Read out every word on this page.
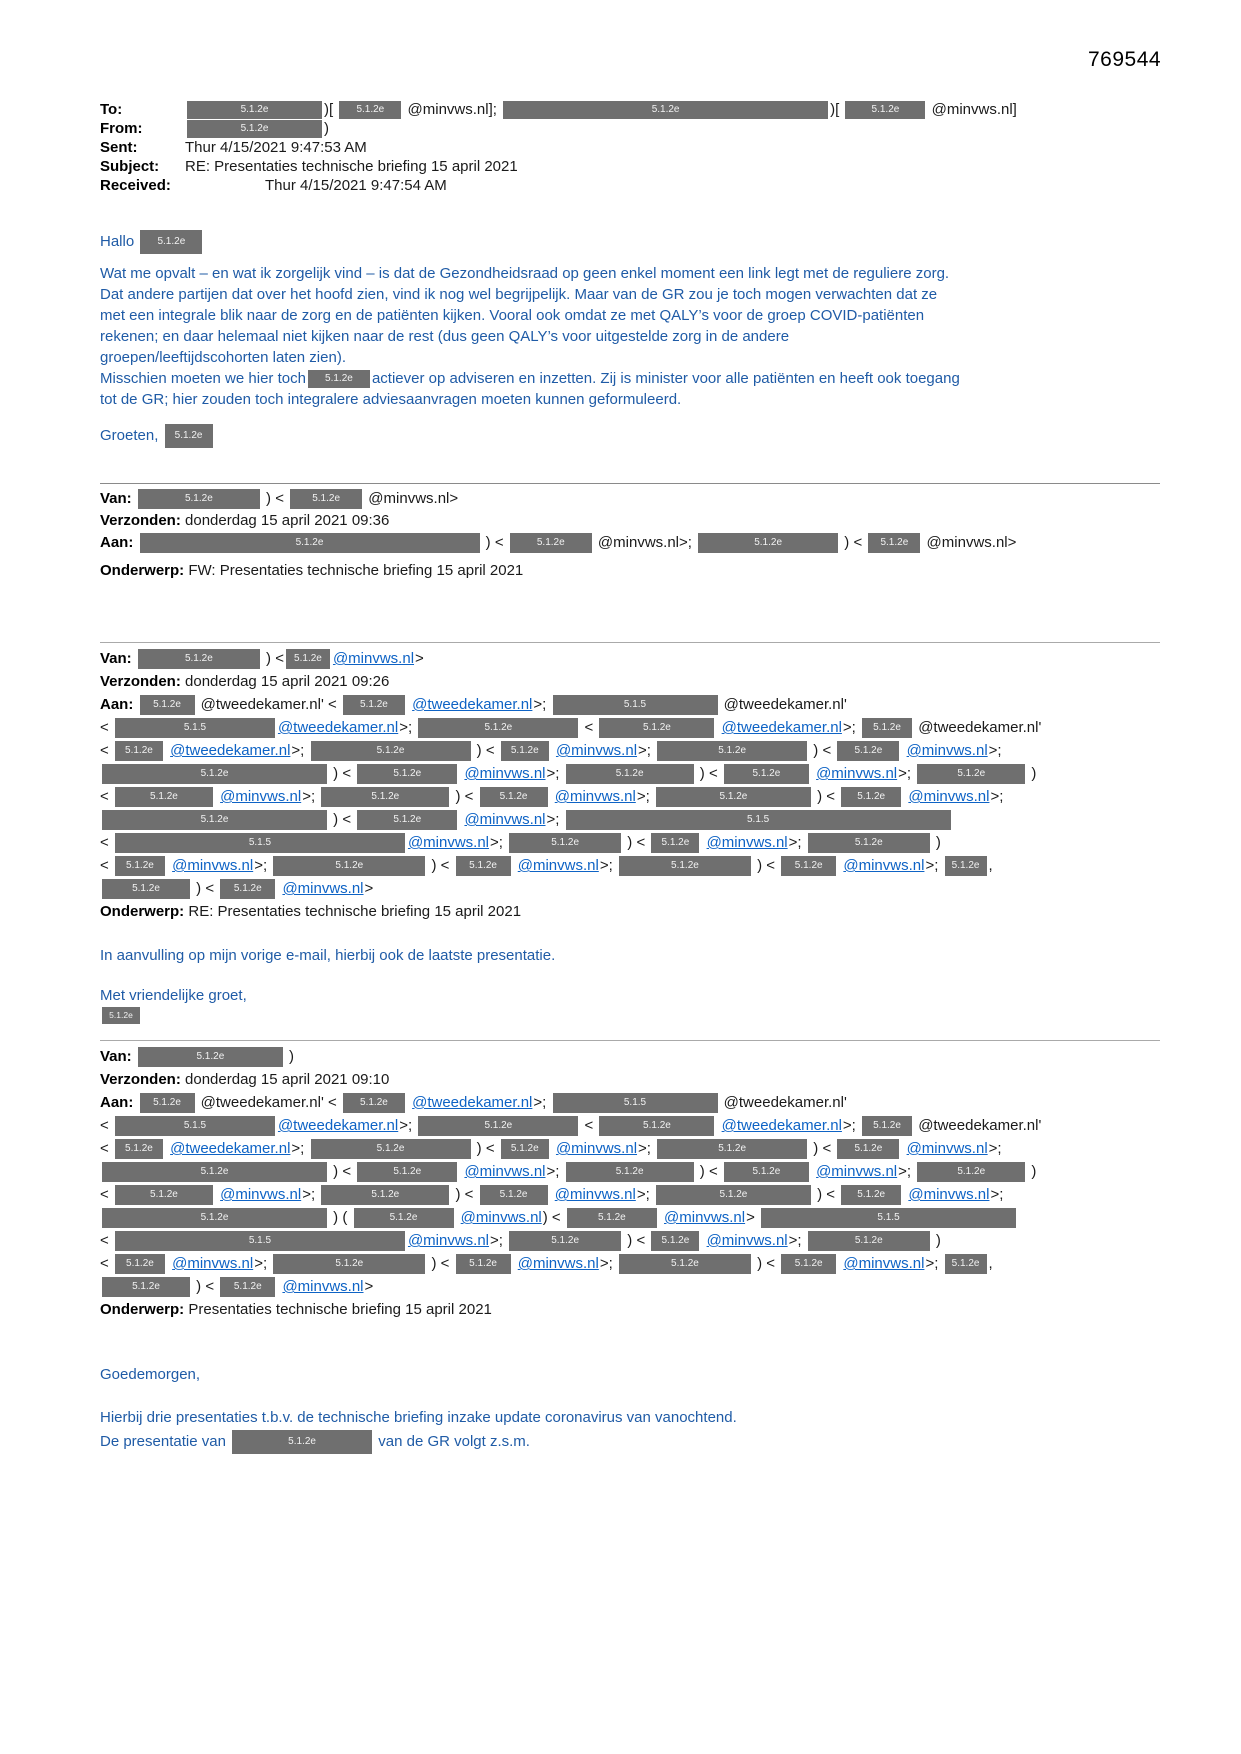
769544
To:	5.1.2e	)[ 5.1.2e @minvws.nl];	5.1.2e	)[	5.1.2e @minvws.nl]
From:	5.1.2e	)
Sent:	Thur 4/15/2021 9:47:53 AM
Subject:	RE: Presentaties technische briefing 15 april 2021
Received:	Thur 4/15/2021 9:47:54 AM
Hallo 5.1.2e
Wat me opvalt – en wat ik zorgelijk vind – is dat de Gezondheidsraad op geen enkel moment een link legt met de reguliere zorg.
Dat andere partijen dat over het hoofd zien, vind ik nog wel begrijpelijk. Maar van de GR zou je toch mogen verwachten dat ze
met een integrale blik naar de zorg en de patiënten kijken. Vooral ook omdat ze met QALY’s voor de groep COVID-patiënten
rekenen; en daar helemaal niet kijken naar de rest (dus geen QALY’s voor uitgestelde zorg in de andere
groepen/leeftijdscohorten laten zien).
Misschien moeten we hier toch 5.1.2e actiever op adviseren en inzetten. Zij is minister voor alle patiënten en heeft ook toegang
tot de GR; hier zouden toch integralere adviesaanvragen moeten kunnen geformuleerd.
Groeten, 5.1.2e
Van:	5.1.2e	) < 5.1.2e @minvws.nl>
Verzonden: donderdag 15 april 2021 09:36
Aan:	5.1.2e	) <	5.1.2e @minvws.nl>;	5.1.2e	) < 5.1.2e @minvws.nl>
Onderwerp: FW: Presentaties technische briefing 15 april 2021
Van:	5.1.2e	) < 5.1.2e @minvws.nl>
Verzonden: donderdag 15 april 2021 09:26
Aan: 5.1.2e @tweedekamer.nl' < 5.1.2e @tweedekamer.nl>;	5.1.5	@tweedekamer.nl'
<	5.1.5	@tweedekamer.nl>;	5.1.2e	<	5.1.2e	@tweedekamer.nl>; 5.1.2e @tweedekamer.nl'
< 5.1.2e @tweedekamer.nl>;	5.1.2e	) < 5.1.2e @minvws.nl>;	5.1.2e	) < 5.1.2e @minvws.nl>;
5.1.2e	) <	5.1.2e	@minvws.nl>;	5.1.2e	) <	5.1.2e @minvws.nl>;	5.1.2e	)
<	5.1.2e	@minvws.nl>;	5.1.2e	) < 5.1.2e @minvws.nl>;	5.1.2e	) < 5.1.2e @minvws.nl>;
5.1.2e	) <	5.1.2e	@minvws.nl>;	5.1.5
<	5.1.5	@minvws.nl>;	5.1.2e	) < 5.1.2e @minvws.nl>;	5.1.2e	)
< 5.1.2e @minvws.nl>;	5.1.2e	) < 5.1.2e @minvws.nl>;	5.1.2e	) < 5.1.2e @minvws.nl>; 5.1.2e ,
5.1.2e ) < 5.1.2e @minvws.nl>
Onderwerp: RE: Presentaties technische briefing 15 april 2021
In aanvulling op mijn vorige e-mail, hierbij ook de laatste presentatie.
Met vriendelijke groet,
5.1.2e
Van:	5.1.2e	)
Verzonden: donderdag 15 april 2021 09:10
Aan: 5.1.2e @tweedekamer.nl' < 5.1.2e @tweedekamer.nl>;	5.1.5	@tweedekamer.nl'
<	5.1.5	@tweedekamer.nl>;	5.1.2e	<	5.1.2e	@tweedekamer.nl>; 5.1.2e @tweedekamer.nl'
< 5.1.2e @tweedekamer.nl>;	5.1.2e	) < 5.1.2e @minvws.nl>;	5.1.2e	) < 5.1.2e @minvws.nl>;
5.1.2e	) <	5.1.2e	@minvws.nl>;	5.1.2e	) <	5.1.2e @minvws.nl>;	5.1.2e	)
<	5.1.2e	@minvws.nl>;	5.1.2e	) < 5.1.2e @minvws.nl>;	5.1.2e	) < 5.1.2e @minvws.nl>;
5.1.2e	) (	5.1.2e	@minvws.nl) <	5.1.2e	@minvws.nl>	5.1.5
<	5.1.5	@minvws.nl>;	5.1.2e	) < 5.1.2e @minvws.nl>;	5.1.2e	)
< 5.1.2e @minvws.nl>;	5.1.2e	) < 5.1.2e @minvws.nl>;	5.1.2e	) < 5.1.2e @minvws.nl>; 5.1.2e ,
5.1.2e ) < 5.1.2e @minvws.nl>
Onderwerp: Presentaties technische briefing 15 april 2021
Goedemorgen,
Hierbij drie presentaties t.b.v. de technische briefing inzake update coronavirus van vanochtend.
De presentatie van	5.1.2e	van de GR volgt z.s.m.
